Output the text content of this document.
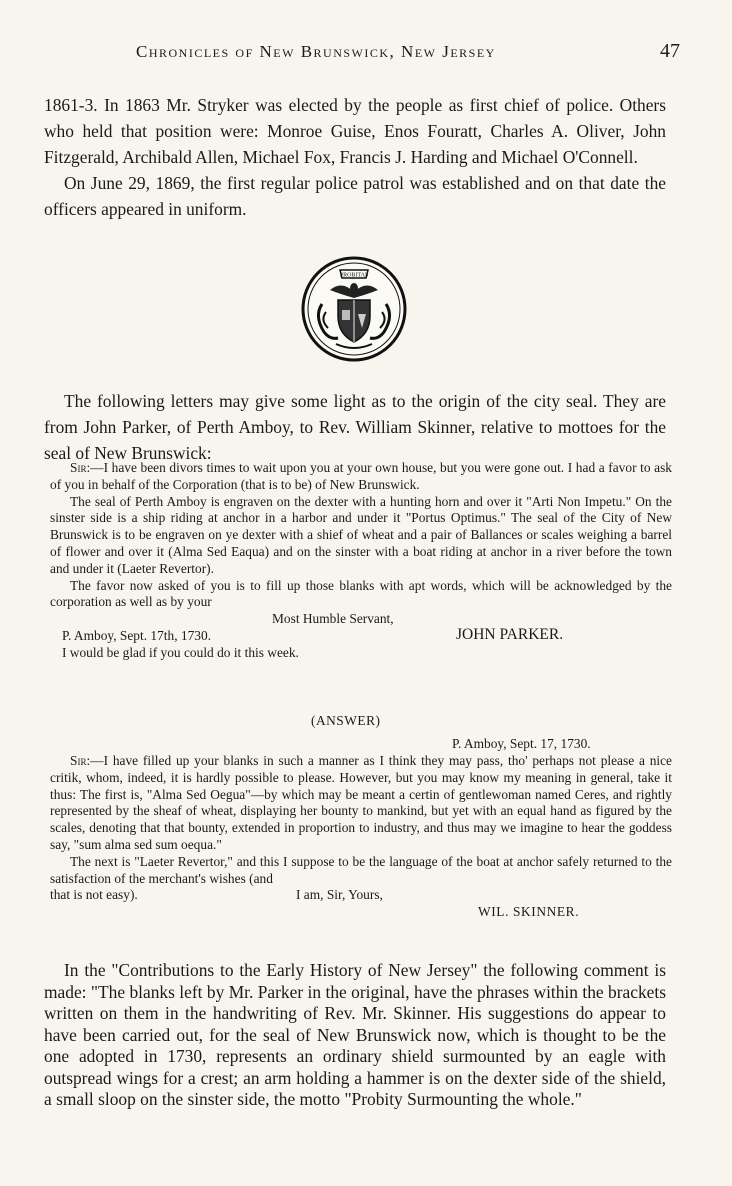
Chronicles of New Brunswick, New Jersey	47

1861-3. In 1863 Mr. Stryker was elected by the people as first chief of police. Others who held that position were: Monroe Guise, Enos Fouratt, Charles A. Oliver, John Fitzgerald, Archibald Allen, Michael Fox, Francis J. Harding and Michael O'Connell.

On June 29, 1869, the first regular police patrol was established and on that date the officers appeared in uniform.

PROBITAS

The following letters may give some light as to the origin of the city seal. They are from John Parker, of Perth Amboy, to Rev. William Skinner, relative to mottoes for the seal of New Brunswick:

Sir:—I have been divors times to wait upon you at your own house, but you were gone out. I had a favor to ask of you in behalf of the Corporation (that is to be) of New Brunswick.

The seal of Perth Amboy is engraven on the dexter with a hunting horn and over it "Arti Non Impetu." On the sinster side is a ship riding at anchor in a harbor and under it "Portus Optimus." The seal of the City of New Brunswick is to be engraven on ye dexter with a shief of wheat and a pair of Ballances or scales weighing a barrel of flower and over it (Alma Sed Eaqua) and on the sinster with a boat riding at anchor in a river before the town and under it (Laeter Revertor).

The favor now asked of you is to fill up those blanks with apt words, which will be acknowledged by the corporation as well as by your

Most Humble Servant,
P. Amboy, Sept. 17th, 1730.	JOHN PARKER.
I would be glad if you could do it this week.
(ANSWER)
P. Amboy, Sept. 17, 1730.

Sir:—I have filled up your blanks in such a manner as I think they may pass, tho' perhaps not please a nice critik, whom, indeed, it is hardly possible to please. However, but you may know my meaning in general, take it thus: The first is, "Alma Sed Oegua"—by which may be meant a certin of gentlewoman named Ceres, and rightly represented by the sheaf of wheat, displaying her bounty to mankind, but yet with an equal hand as figured by the scales, denoting that that bounty, extended in proportion to industry, and thus may we imagine to hear the goddess say, "sum alma sed sum oequa."

The next is "Laeter Revertor," and this I suppose to be the language of the boat at anchor safely returned to the satisfaction of the merchant's wishes (and

that is not easy).	I am, Sir, Yours,
WIL. SKINNER.

In the "Contributions to the Early History of New Jersey" the following comment is made: "The blanks left by Mr. Parker in the original, have the phrases within the brackets written on them in the handwriting of Rev. Mr. Skinner. His suggestions do appear to have been carried out, for the seal of New Brunswick now, which is thought to be the one adopted in 1730, represents an ordinary shield surmounted by an eagle with outspread wings for a crest; an arm holding a hammer is on the dexter side of the shield, a small sloop on the sinster side, the motto "Probity Surmounting the whole."
